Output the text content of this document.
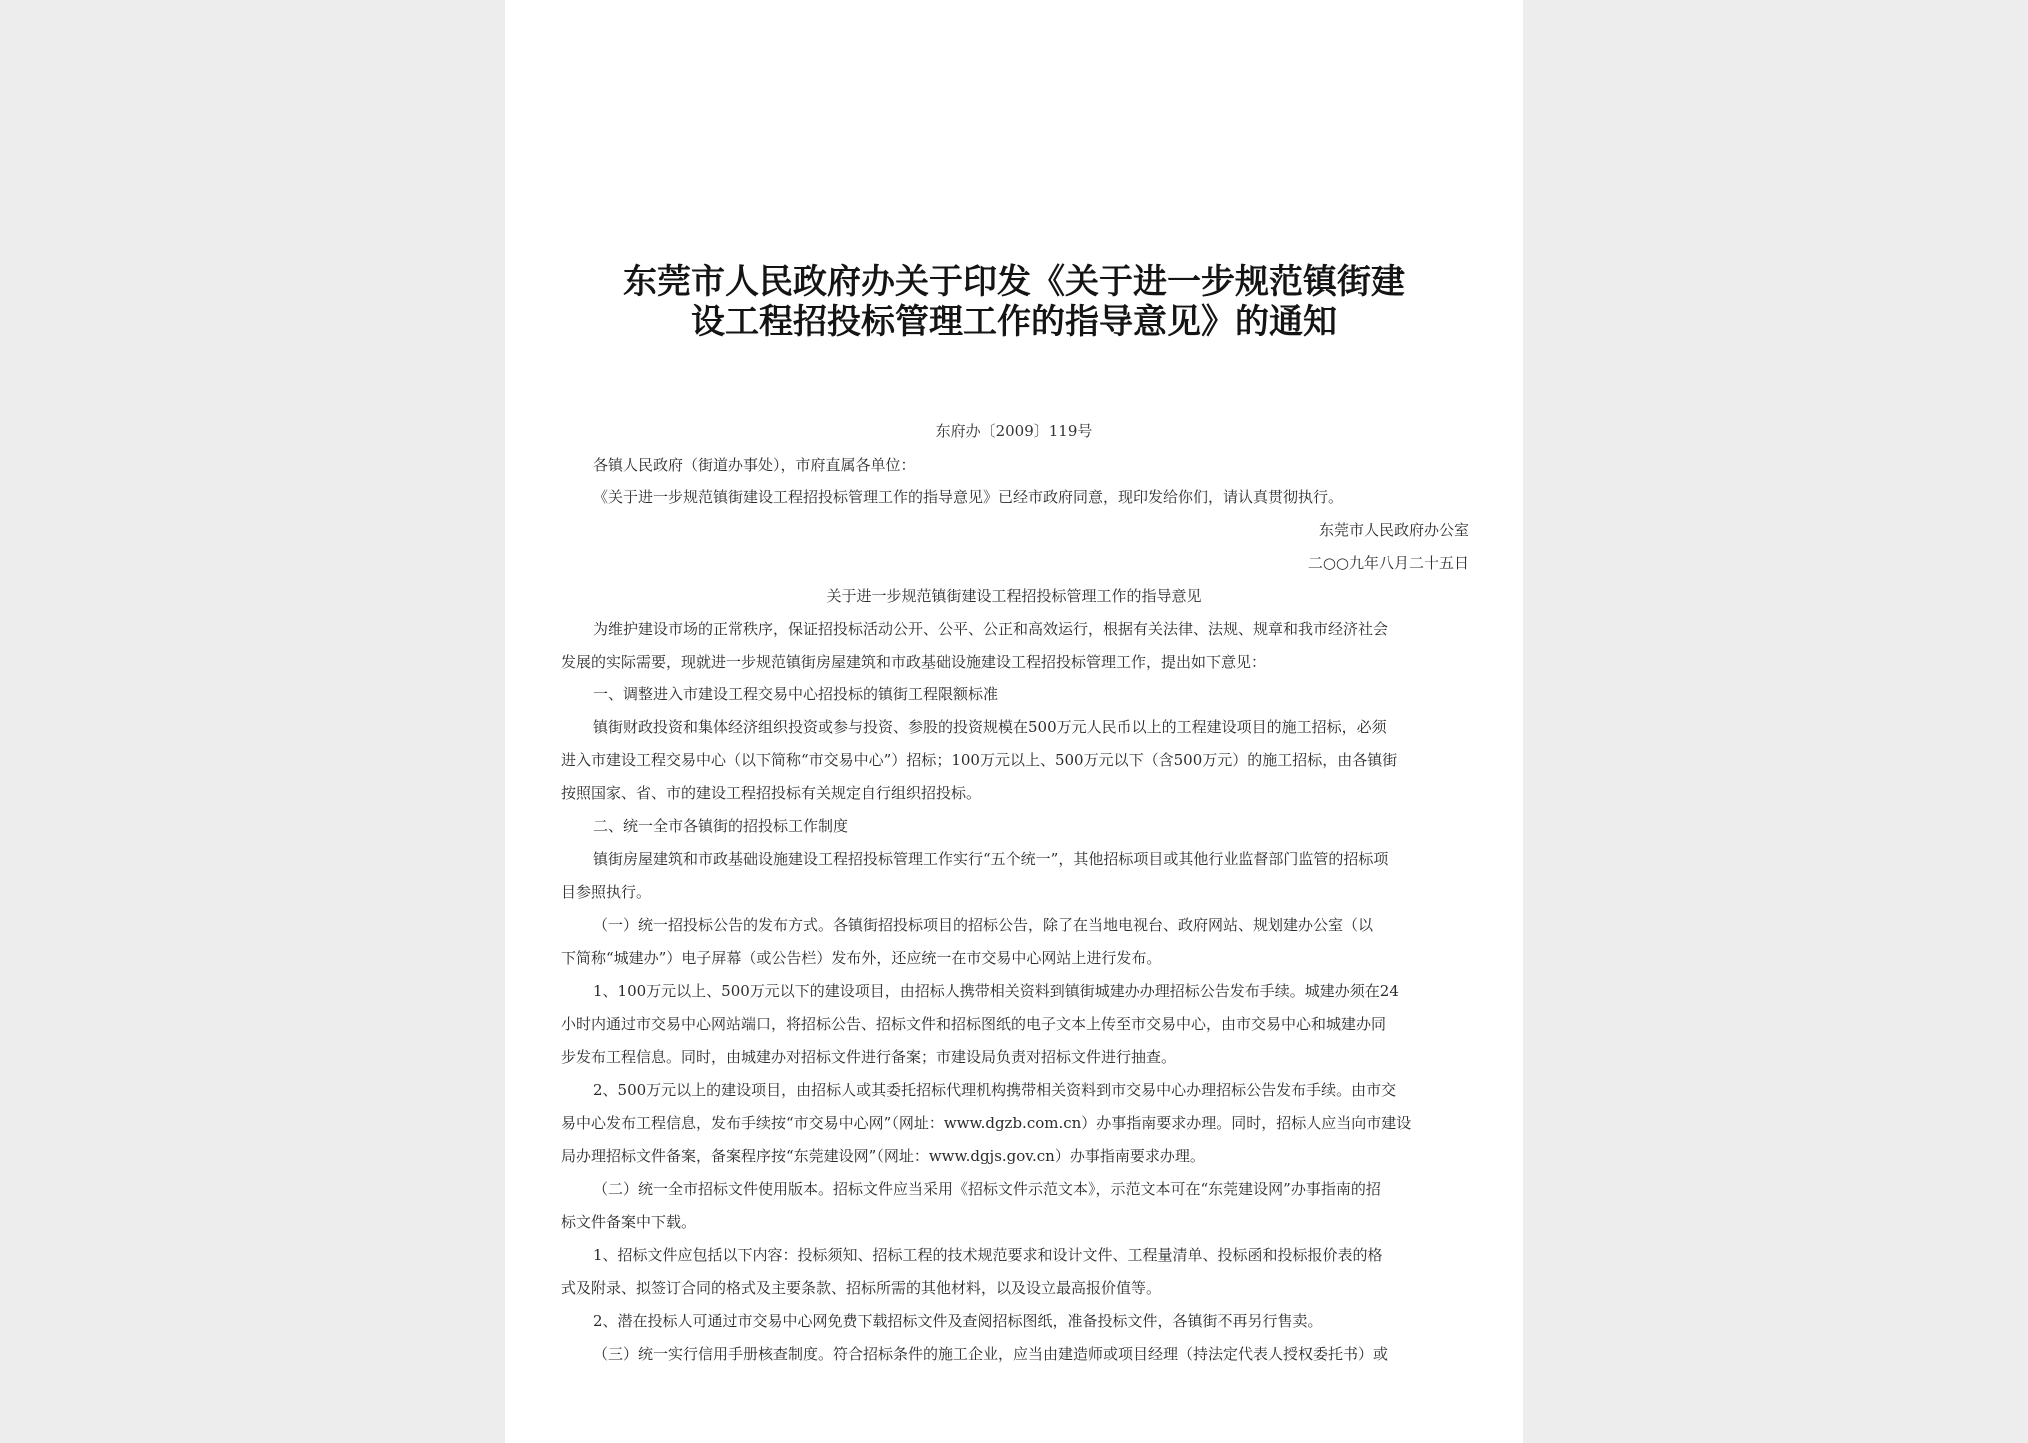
东莞市人民政府办关于印发《关于进一步规范镇街建
设工程招投标管理工作的指导意见》的通知
东府办〔2009〕119号
各镇人民政府（街道办事处），市府直属各单位：
《关于进一步规范镇街建设工程招投标管理工作的指导意见》已经市政府同意，现印发给你们，请认真贯彻执行。
东莞市人民政府办公室
二○○九年八月二十五日
关于进一步规范镇街建设工程招投标管理工作的指导意见
为维护建设市场的正常秩序，保证招投标活动公开、公平、公正和高效运行，根据有关法律、法规、规章和我市经济社会
发展的实际需要，现就进一步规范镇街房屋建筑和市政基础设施建设工程招投标管理工作，提出如下意见：
一、调整进入市建设工程交易中心招投标的镇街工程限额标准
镇街财政投资和集体经济组织投资或参与投资、参股的投资规模在500万元人民币以上的工程建设项目的施工招标，必须
进入市建设工程交易中心（以下简称“市交易中心”）招标；100万元以上、500万元以下（含500万元）的施工招标，由各镇街
按照国家、省、市的建设工程招投标有关规定自行组织招投标。
二、统一全市各镇街的招投标工作制度
镇街房屋建筑和市政基础设施建设工程招投标管理工作实行“五个统一”，其他招标项目或其他行业监督部门监管的招标项
目参照执行。
（一）统一招投标公告的发布方式。各镇街招投标项目的招标公告，除了在当地电视台、政府网站、规划建办公室（以
下简称“城建办”）电子屏幕（或公告栏）发布外，还应统一在市交易中心网站上进行发布。
1、100万元以上、500万元以下的建设项目，由招标人携带相关资料到镇街城建办办理招标公告发布手续。城建办须在24
小时内通过市交易中心网站端口，将招标公告、招标文件和招标图纸的电子文本上传至市交易中心，由市交易中心和城建办同
步发布工程信息。同时，由城建办对招标文件进行备案；市建设局负责对招标文件进行抽查。
2、500万元以上的建设项目，由招标人或其委托招标代理机构携带相关资料到市交易中心办理招标公告发布手续。由市交
易中心发布工程信息，发布手续按“市交易中心网”（网址：www.dgzb.com.cn）办事指南要求办理。同时，招标人应当向市建设
局办理招标文件备案，备案程序按“东莞建设网”（网址：www.dgjs.gov.cn）办事指南要求办理。
（二）统一全市招标文件使用版本。招标文件应当采用《招标文件示范文本》，示范文本可在“东莞建设网”办事指南的招
标文件备案中下载。
1、招标文件应包括以下内容：投标须知、招标工程的技术规范要求和设计文件、工程量清单、投标函和投标报价表的格
式及附录、拟签订合同的格式及主要条款、招标所需的其他材料，以及设立最高报价值等。
2、潜在投标人可通过市交易中心网免费下载招标文件及查阅招标图纸，准备投标文件，各镇街不再另行售卖。
（三）统一实行信用手册核查制度。符合招标条件的施工企业，应当由建造师或项目经理（持法定代表人授权委托书）或
